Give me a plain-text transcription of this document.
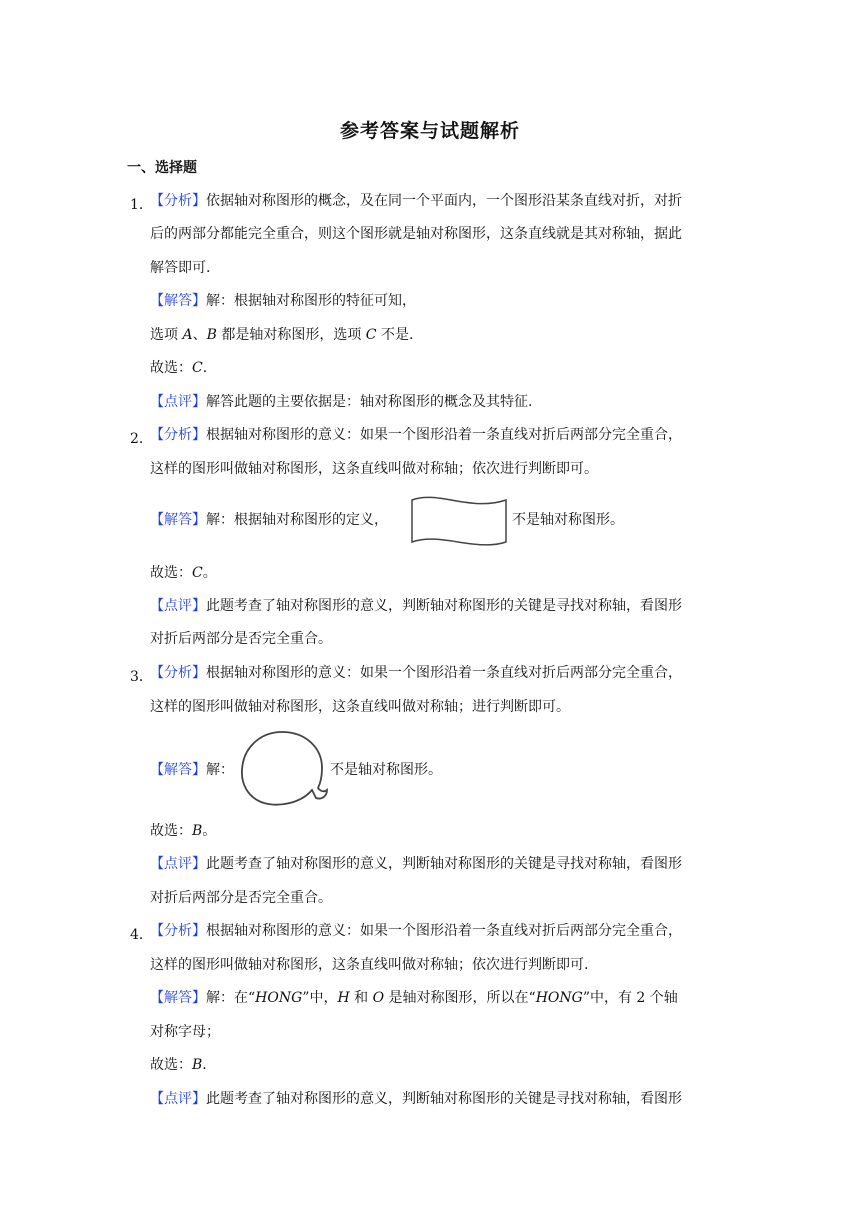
参考答案与试题解析
一、选择题
1．
【分析】依据轴对称图形的概念，及在同一个平面内，一个图形沿某条直线对折，对折
后的两部分都能完全重合，则这个图形就是轴对称图形，这条直线就是其对称轴，据此
解答即可.
【解答】解：根据轴对称图形的特征可知，
选项 A、B 都是轴对称图形，选项 C 不是.
故选：C.
【点评】解答此题的主要依据是：轴对称图形的概念及其特征.
2．
【分析】根据轴对称图形的意义：如果一个图形沿着一条直线对折后两部分完全重合，
这样的图形叫做轴对称图形，这条直线叫做对称轴；依次进行判断即可。
【解答】解：根据轴对称图形的定义，	不是轴对称图形。
故选：C。
【点评】此题考查了轴对称图形的意义，判断轴对称图形的关键是寻找对称轴，看图形
对折后两部分是否完全重合。
3．
【分析】根据轴对称图形的意义：如果一个图形沿着一条直线对折后两部分完全重合，
这样的图形叫做轴对称图形，这条直线叫做对称轴；进行判断即可。
【解答】解：	不是轴对称图形。
故选：B。
【点评】此题考查了轴对称图形的意义，判断轴对称图形的关键是寻找对称轴，看图形
对折后两部分是否完全重合。
4．
【分析】根据轴对称图形的意义：如果一个图形沿着一条直线对折后两部分完全重合，
这样的图形叫做轴对称图形，这条直线叫做对称轴；依次进行判断即可.
【解答】解：在“HONG”中，H 和 O 是轴对称图形，所以在“HONG”中，有 2 个轴
对称字母；
故选：B.
【点评】此题考查了轴对称图形的意义，判断轴对称图形的关键是寻找对称轴，看图形
